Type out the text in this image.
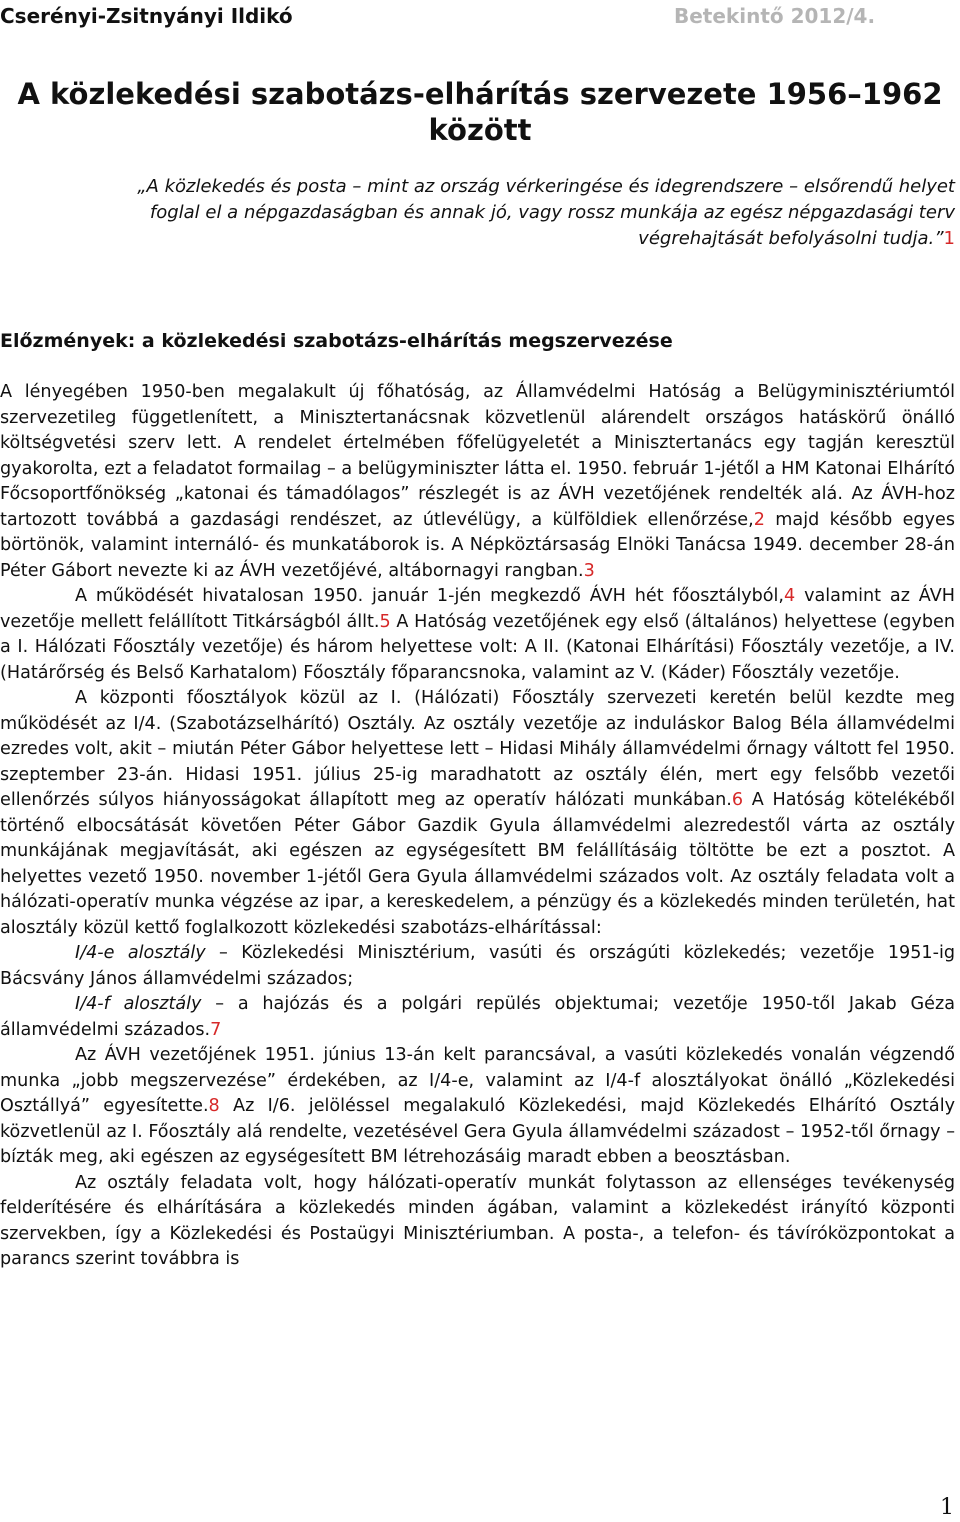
Cserényi-Zsitnyányi Ildikó	Betekintő 2012/4.
A közlekedési szabotázs-elhárítás szervezete 1956–1962 között

„A közlekedés és posta – mint az ország vérkeringése és idegrendszere – elsőrendű helyet foglal el a népgazdaságban és annak jó, vagy rossz munkája az egész népgazdasági terv végrehajtását befolyásolni tudja.”1

Előzmények: a közlekedési szabotázs-elhárítás megszervezése

A lényegében 1950-ben megalakult új főhatóság, az Államvédelmi Hatóság a Belügyminisztériumtól szervezetileg függetlenített, a Minisztertanácsnak közvetlenül alárendelt országos hatáskörű önálló költségvetési szerv lett. A rendelet értelmében főfelügyeletét a Minisztertanács egy tagján keresztül gyakorolta, ezt a feladatot formailag – a belügyminiszter látta el. 1950. február 1-jétől a HM Katonai Elhárító Főcsoportfőnökség „katonai és támadólagos” részlegét is az ÁVH vezetőjének rendelték alá. Az ÁVH-hoz tartozott továbbá a gazdasági rendészet, az útlevélügy, a külföldiek ellenőrzése,2 majd később egyes börtönök, valamint internáló- és munkatáborok is. A Népköztársaság Elnöki Tanácsa 1949. december 28-án Péter Gábort nevezte ki az ÁVH vezetőjévé, altábornagyi rangban.3

A működését hivatalosan 1950. január 1-jén megkezdő ÁVH hét főosztályból,4 valamint az ÁVH vezetője mellett felállított Titkárságból állt.5 A Hatóság vezetőjének egy első (általános) helyettese (egyben a I. Hálózati Főosztály vezetője) és három helyettese volt: A II. (Katonai Elhárítási) Főosztály vezetője, a IV. (Határőrség és Belső Karhatalom) Főosztály főparancsnoka, valamint az V. (Káder) Főosztály vezetője.

A központi főosztályok közül az I. (Hálózati) Főosztály szervezeti keretén belül kezdte meg működését az I/4. (Szabotázselhárító) Osztály. Az osztály vezetője az induláskor Balog Béla államvédelmi ezredes volt, akit – miután Péter Gábor helyettese lett – Hidasi Mihály államvédelmi őrnagy váltott fel 1950. szeptember 23-án. Hidasi 1951. július 25-ig maradhatott az osztály élén, mert egy felsőbb vezetői ellenőrzés súlyos hiányosságokat állapított meg az operatív hálózati munkában.6 A Hatóság kötelékéből történő elbocsátását követően Péter Gábor Gazdik Gyula államvédelmi alezredestől várta az osztály munkájának megjavítását, aki egészen az egységesített BM felállításáig töltötte be ezt a posztot. A helyettes vezető 1950. november 1-jétől Gera Gyula államvédelmi százados volt. Az osztály feladata volt a hálózati-operatív munka végzése az ipar, a kereskedelem, a pénzügy és a közlekedés minden területén, hat alosztály közül kettő foglalkozott közlekedési szabotázs-elhárítással:

I/4-e alosztály – Közlekedési Minisztérium, vasúti és országúti közlekedés; vezetője 1951-ig Bácsvány János államvédelmi százados;

I/4-f alosztály – a hajózás és a polgári repülés objektumai; vezetője 1950-től Jakab Géza államvédelmi százados.7

Az ÁVH vezetőjének 1951. június 13-án kelt parancsával, a vasúti közlekedés vonalán végzendő munka „jobb megszervezése” érdekében, az I/4-e, valamint az I/4-f alosztályokat önálló „Közlekedési Osztállyá” egyesítette.8 Az I/6. jelöléssel megalakuló Közlekedési, majd Közlekedés Elhárító Osztály közvetlenül az I. Főosztály alá rendelte, vezetésével Gera Gyula államvédelmi századost – 1952-től őrnagy – bízták meg, aki egészen az egységesített BM létrehozásáig maradt ebben a beosztásban.

Az osztály feladata volt, hogy hálózati-operatív munkát folytasson az ellenséges tevékenység felderítésére és elhárítására a közlekedés minden ágában, valamint a közlekedést irányító központi szervekben, így a Közlekedési és Postaügyi Minisztériumban. A posta-, a telefon- és távíróközpontokat a parancs szerint továbbra is

1
